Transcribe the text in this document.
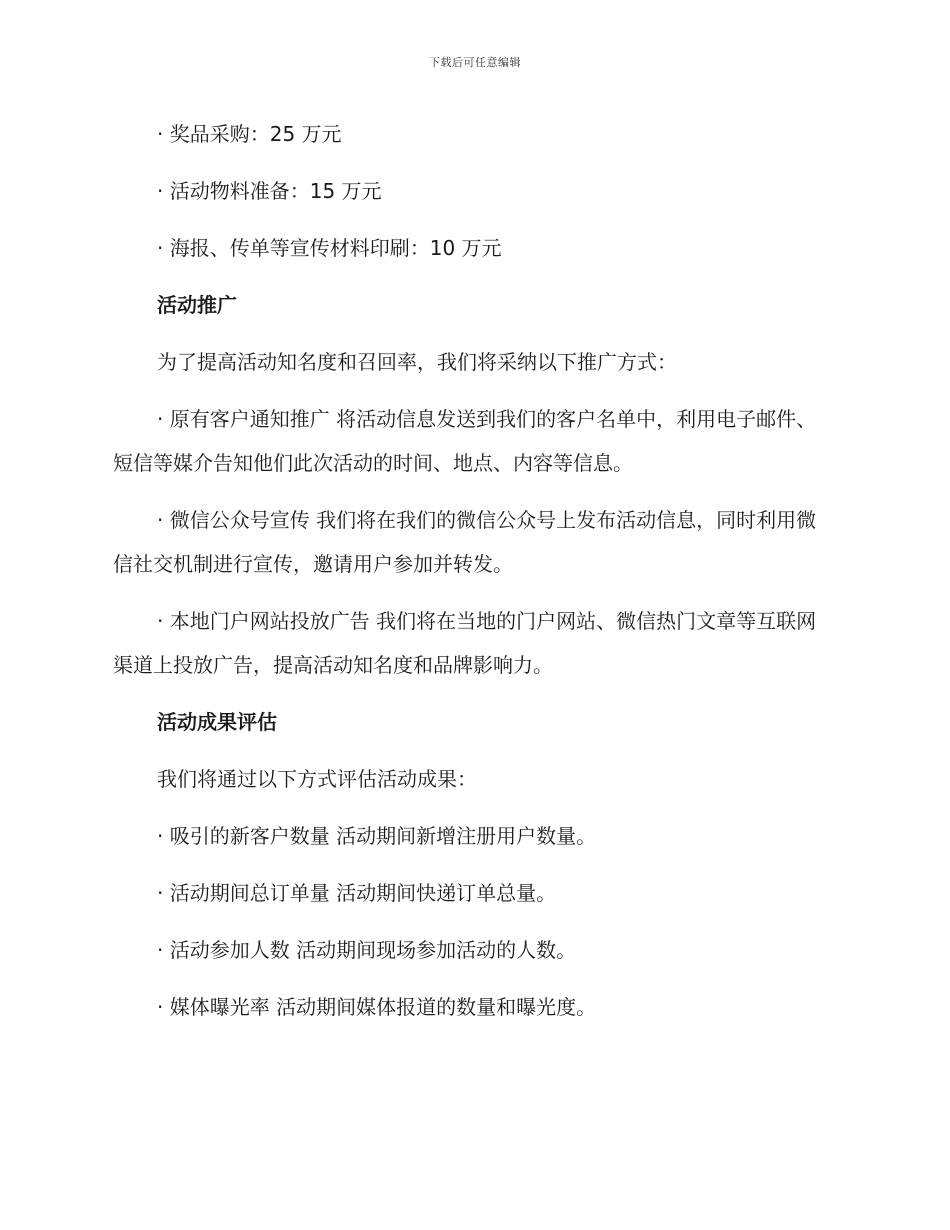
下载后可任意编辑
· 奖品采购：25 万元
· 活动物料准备：15 万元
· 海报、传单等宣传材料印刷：10 万元
活动推广
为了提高活动知名度和召回率，我们将采纳以下推广方式：
· 原有客户通知推广 将活动信息发送到我们的客户名单中，利用电子邮件、短信等媒介告知他们此次活动的时间、地点、内容等信息。
· 微信公众号宣传 我们将在我们的微信公众号上发布活动信息，同时利用微信社交机制进行宣传，邀请用户参加并转发。
· 本地门户网站投放广告 我们将在当地的门户网站、微信热门文章等互联网渠道上投放广告，提高活动知名度和品牌影响力。
活动成果评估
我们将通过以下方式评估活动成果：
· 吸引的新客户数量 活动期间新增注册用户数量。
· 活动期间总订单量 活动期间快递订单总量。
· 活动参加人数 活动期间现场参加活动的人数。
· 媒体曝光率 活动期间媒体报道的数量和曝光度。
